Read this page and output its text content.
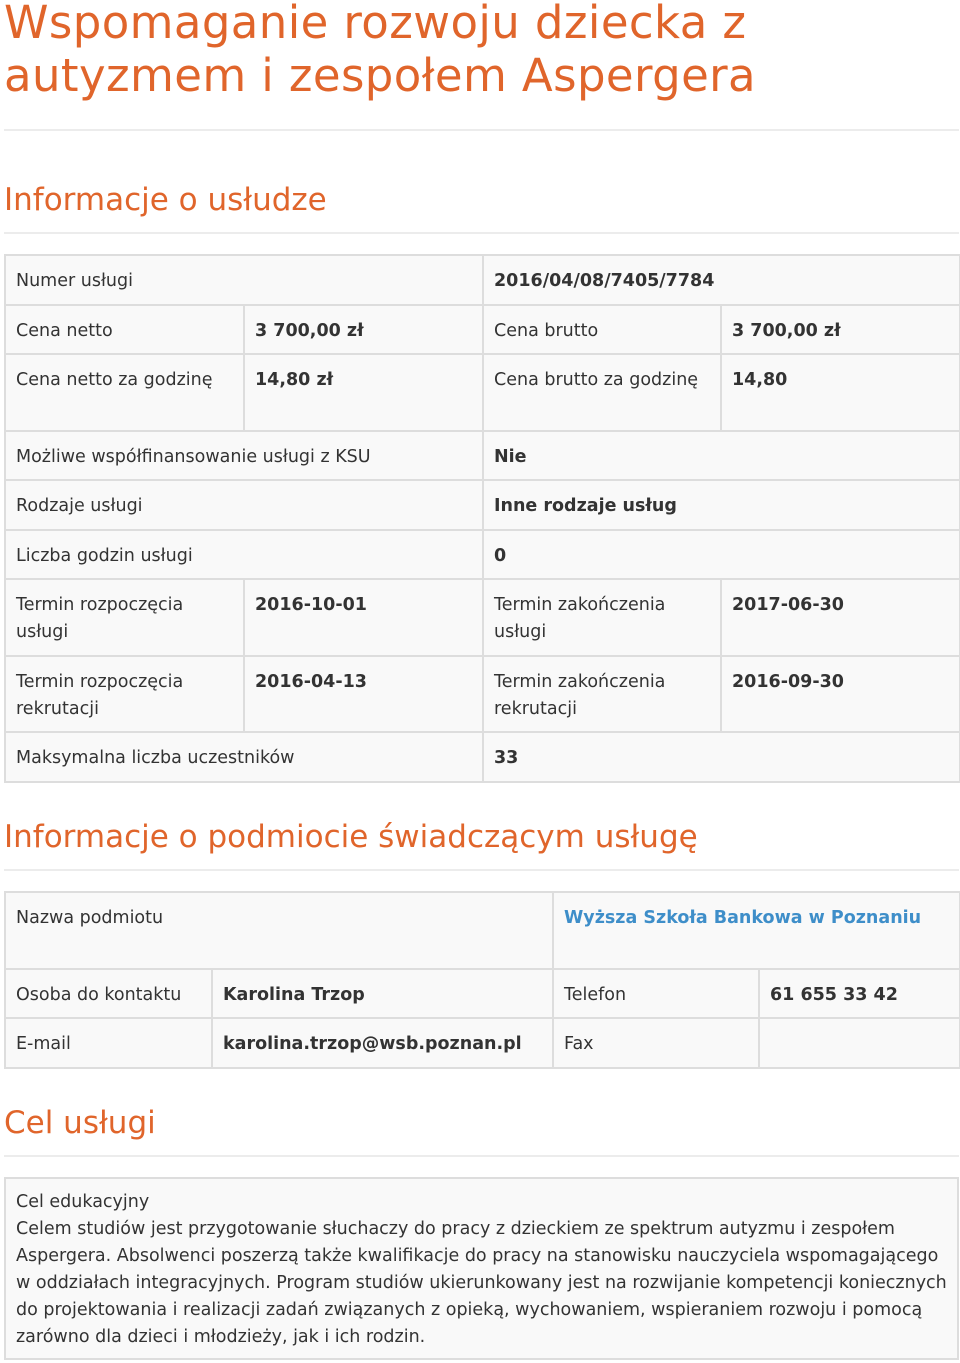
Wspomaganie rozwoju dziecka z autyzmem i zespołem Aspergera
Informacje o usłudze
Numer usługi		2016/04/08/7405/7784	
Cena netto	3 700,00 zł	Cena brutto	3 700,00 zł
Cena netto za godzinę	14,80 zł	Cena brutto za godzinę	14,80
Możliwe współfinansowanie usługi z KSU		Nie	
Rodzaje usługi		Inne rodzaje usług	
Liczba godzin usługi		0	
Termin rozpoczęcia usługi	2016-10-01	Termin zakończenia usługi	2017-06-30
Termin rozpoczęcia rekrutacji	2016-04-13	Termin zakończenia rekrutacji	2016-09-30
Maksymalna liczba uczestników		33	
Informacje o podmiocie świadczącym usługę
Nazwa podmiotu		Wyższa Szkoła Bankowa w Poznaniu	
Osoba do kontaktu	Karolina Trzop	Telefon	61 655 33 42
E-mail	karolina.trzop@wsb.poznan.pl	Fax	
Cel usługi
Cel edukacyjny
Celem studiów jest przygotowanie słuchaczy do pracy z dzieckiem ze spektrum autyzmu i zespołem Aspergera. Absolwenci poszerzą także kwalifikacje do pracy na stanowisku nauczyciela wspomagającego w oddziałach integracyjnych. Program studiów ukierunkowany jest na rozwijanie kompetencji koniecznych do projektowania i realizacji zadań związanych z opieką, wychowaniem, wspieraniem rozwoju i pomocą zarówno dla dzieci i młodzieży, jak i ich rodzin.
